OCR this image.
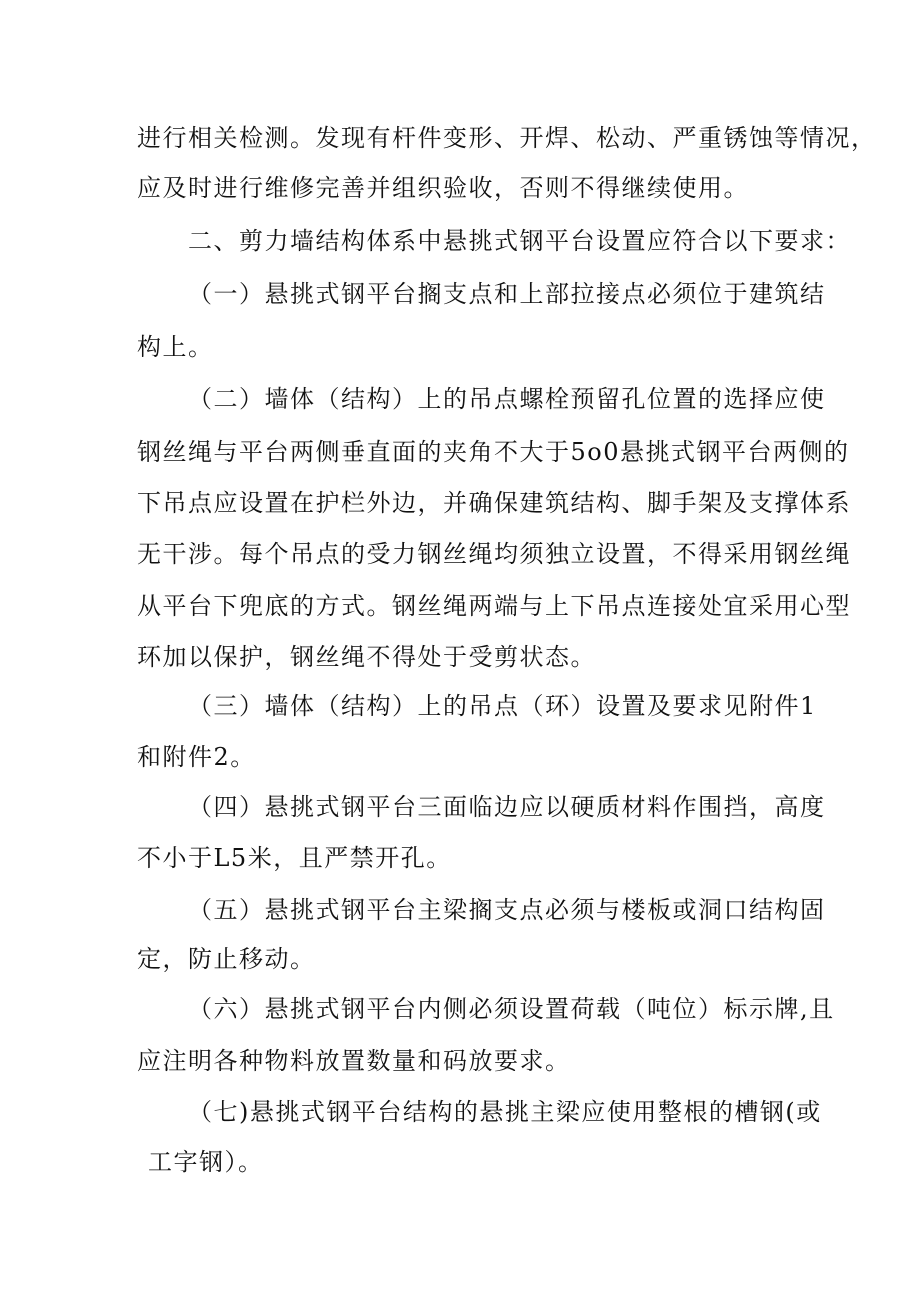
进行相关检测。发现有杆件变形、开焊、松动、严重锈蚀等情况，
应及时进行维修完善并组织验收，否则不得继续使用。
二、剪力墙结构体系中悬挑式钢平台设置应符合以下要求：
（一）悬挑式钢平台搁支点和上部拉接点必须位于建筑结
构上。
（二）墙体（结构）上的吊点螺栓预留孔位置的选择应使
钢丝绳与平台两侧垂直面的夹角不大于5o0悬挑式钢平台两侧的
下吊点应设置在护栏外边，并确保建筑结构、脚手架及支撑体系
无干涉。每个吊点的受力钢丝绳均须独立设置，不得采用钢丝绳
从平台下兜底的方式。钢丝绳两端与上下吊点连接处宜采用心型
环加以保护，钢丝绳不得处于受剪状态。
（三）墙体（结构）上的吊点（环）设置及要求见附件1
和附件2。
（四）悬挑式钢平台三面临边应以硬质材料作围挡，高度
不小于L5米，且严禁开孔。
（五）悬挑式钢平台主梁搁支点必须与楼板或洞口结构固
定，防止移动。
（六）悬挑式钢平台内侧必须设置荷载（吨位）标示牌,且
应注明各种物料放置数量和码放要求。
（七)悬挑式钢平台结构的悬挑主梁应使用整根的槽钢(或
工字钢）。
